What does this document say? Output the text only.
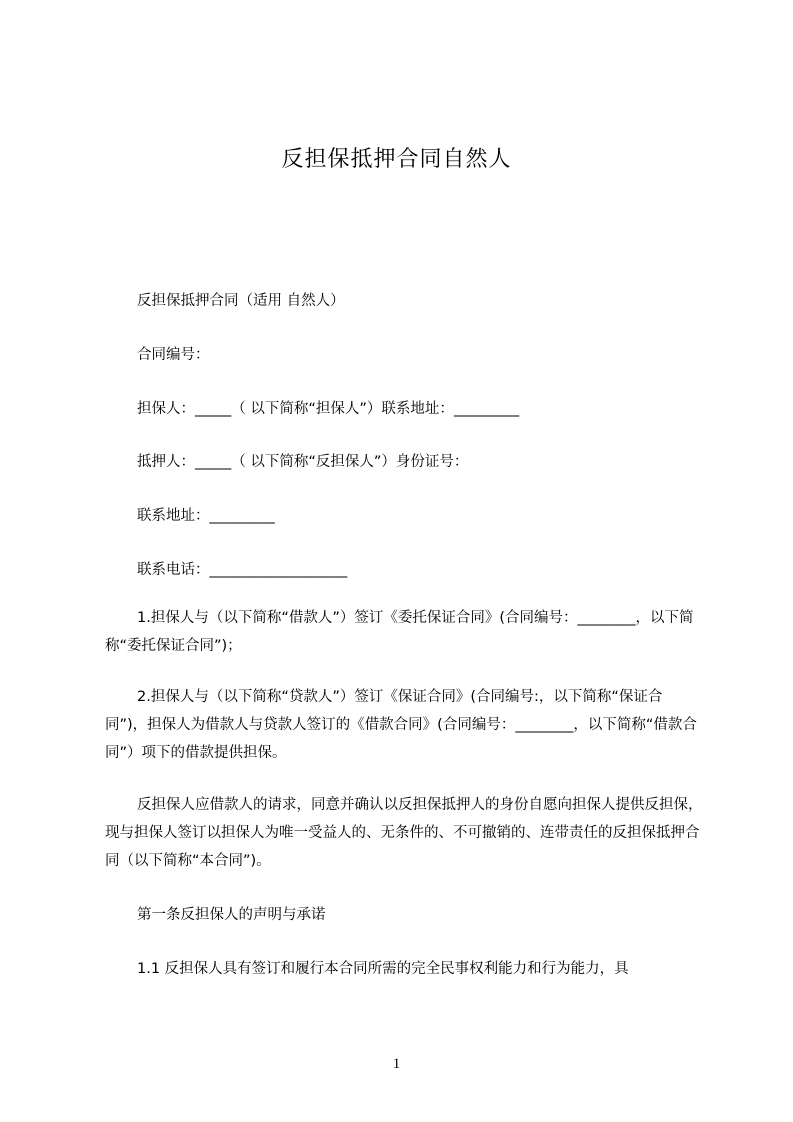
反担保抵押合同自然人

反担保抵押合同（适用 自然人）

合同编号：

担保人：_____（ 以下简称“担保人”）联系地址：_________

抵押人：_____（ 以下简称“反担保人”）身份证号：

联系地址：_________

联系电话：___________________

1.担保人与（以下简称“借款人”）签订《委托保证合同》(合同编号：________，以下简称“委托保证合同”)；

2.担保人与（以下简称“贷款人”）签订《保证合同》(合同编号:，以下简称“保证合同”)，担保人为借款人与贷款人签订的《借款合同》(合同编号：________，以下简称“借款合同”）项下的借款提供担保。

反担保人应借款人的请求，同意并确认以反担保抵押人的身份自愿向担保人提供反担保，现与担保人签订以担保人为唯一受益人的、无条件的、不可撤销的、连带责任的反担保抵押合同（以下简称“本合同”)。

第一条反担保人的声明与承诺

1.1 反担保人具有签订和履行本合同所需的完全民事权利能力和行为能力，具

1
